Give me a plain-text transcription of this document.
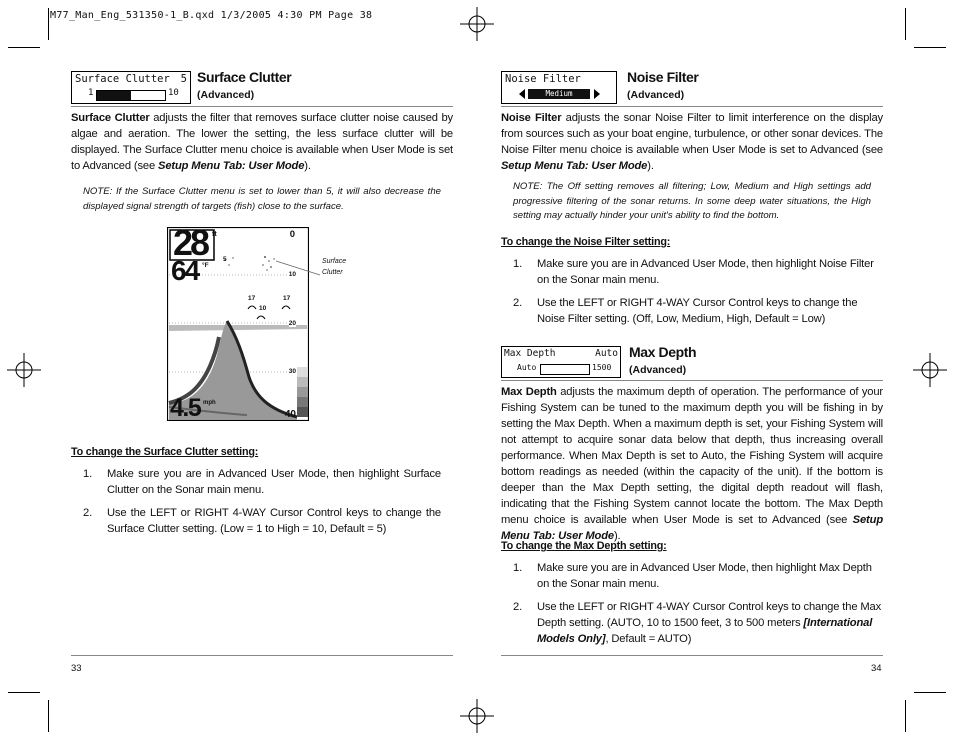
M77_Man_Eng_531350-1_B.qxd 1/3/2005 4:30 PM Page 38
Surface Clutter 5
1	10
Surface Clutter
(Advanced)
Surface Clutter adjusts the filter that removes surface clutter noise caused by algae and aeration. The lower the setting, the less surface clutter will be displayed. The Surface Clutter menu choice is available when User Mode is set to Advanced (see Setup Menu Tab: User Mode).
NOTE: If the Surface Clutter menu is set to lower than 5, it will also decrease the displayed signal strength of targets (fish) close to the surface.
28 ft
64 °F
4.5 mph
0
10
20
30
40
5
17
10
17
Surface Clutter
To change the Surface Clutter setting:
1. Make sure you are in Advanced User Mode, then highlight Surface Clutter on the Sonar main menu.
2. Use the LEFT or RIGHT 4-WAY Cursor Control keys to change the Surface Clutter setting. (Low = 1 to High = 10, Default = 5)
33
Noise Filter
Medium
Noise Filter
(Advanced)
Noise Filter adjusts the sonar Noise Filter to limit interference on the display from sources such as your boat engine, turbulence, or other sonar devices. The Noise Filter menu choice is available when User Mode is set to Advanced (see Setup Menu Tab: User Mode).
NOTE: The Off setting removes all filtering; Low, Medium and High settings add progressive filtering of the sonar returns. In some deep water situations, the High setting may actually hinder your unit's ability to find the bottom.
To change the Noise Filter setting:
1. Make sure you are in Advanced User Mode, then highlight Noise Filter on the Sonar main menu.
2. Use the LEFT or RIGHT 4-WAY Cursor Control keys to change the Noise Filter setting. (Off, Low, Medium, High, Default = Low)
Max Depth	Auto
Auto	1500
Max Depth
(Advanced)
Max Depth adjusts the maximum depth of operation. The performance of your Fishing System can be tuned to the maximum depth you will be fishing in by setting the Max Depth. When a maximum depth is set, your Fishing System will not attempt to acquire sonar data below that depth, thus increasing overall performance. When Max Depth is set to Auto, the Fishing System will acquire bottom readings as needed (within the capacity of the unit). If the bottom is deeper than the Max Depth setting, the digital depth readout will flash, indicating that the Fishing System cannot locate the bottom. The Max Depth menu choice is available when User Mode is set to Advanced (see Setup Menu Tab: User Mode).
To change the Max Depth setting:
1. Make sure you are in Advanced User Mode, then highlight Max Depth on the Sonar main menu.
2. Use the LEFT or RIGHT 4-WAY Cursor Control keys to change the Max Depth setting. (AUTO, 10 to 1500 feet, 3 to 500 meters [International Models Only], Default = AUTO)
34
